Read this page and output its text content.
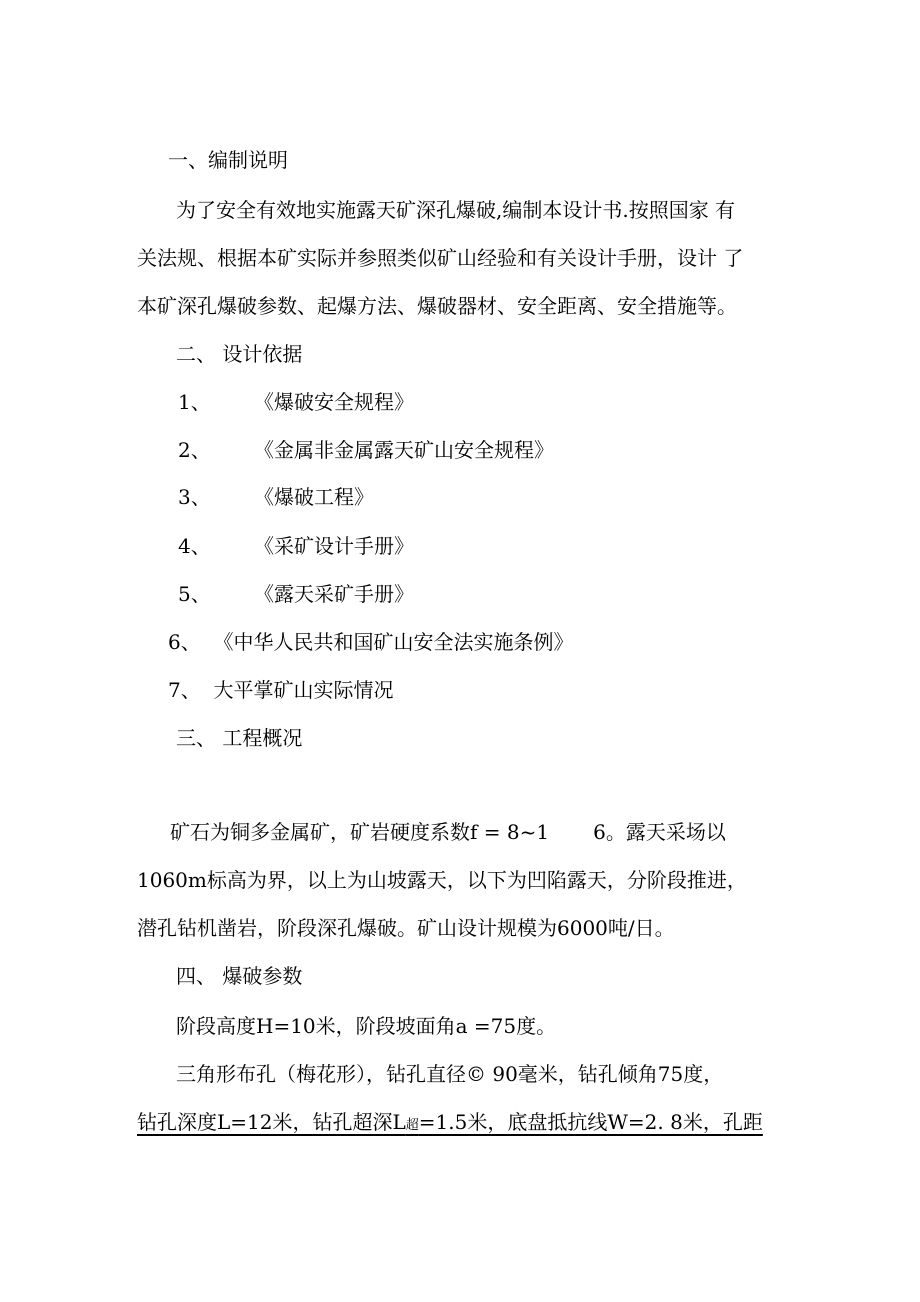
一、编制说明
为了安全有效地实施露天矿深孔爆破,编制本设计书.按照国家 有
关法规、根据本矿实际并参照类似矿山经验和有关设计手册，设计 了
本矿深孔爆破参数、起爆方法、爆破器材、安全距离、安全措施等。
二、 设计依据
1、 《爆破安全规程》
2、 《金属非金属露天矿山安全规程》
3、 《爆破工程》
4、 《采矿设计手册》
5、 《露天采矿手册》
6、  《中华人民共和国矿山安全法实施条例》
7、  大平掌矿山实际情况
三、 工程概况
矿石为铜多金属矿，矿岩硬度系数f = 8~1 6。露天采场以
1060m标高为界，以上为山坡露天，以下为凹陷露天，分阶段推进，
潜孔钻机凿岩，阶段深孔爆破。矿山设计规模为6000吨/日。
四、 爆破参数
阶段高度H=10米，阶段坡面角a =75度。
三角形布孔（梅花形），钻孔直径© 90毫米，钻孔倾角75度，
钻孔深度L=12米，钻孔超深L超=1.5米，底盘抵抗线W=2. 8米，孔距
